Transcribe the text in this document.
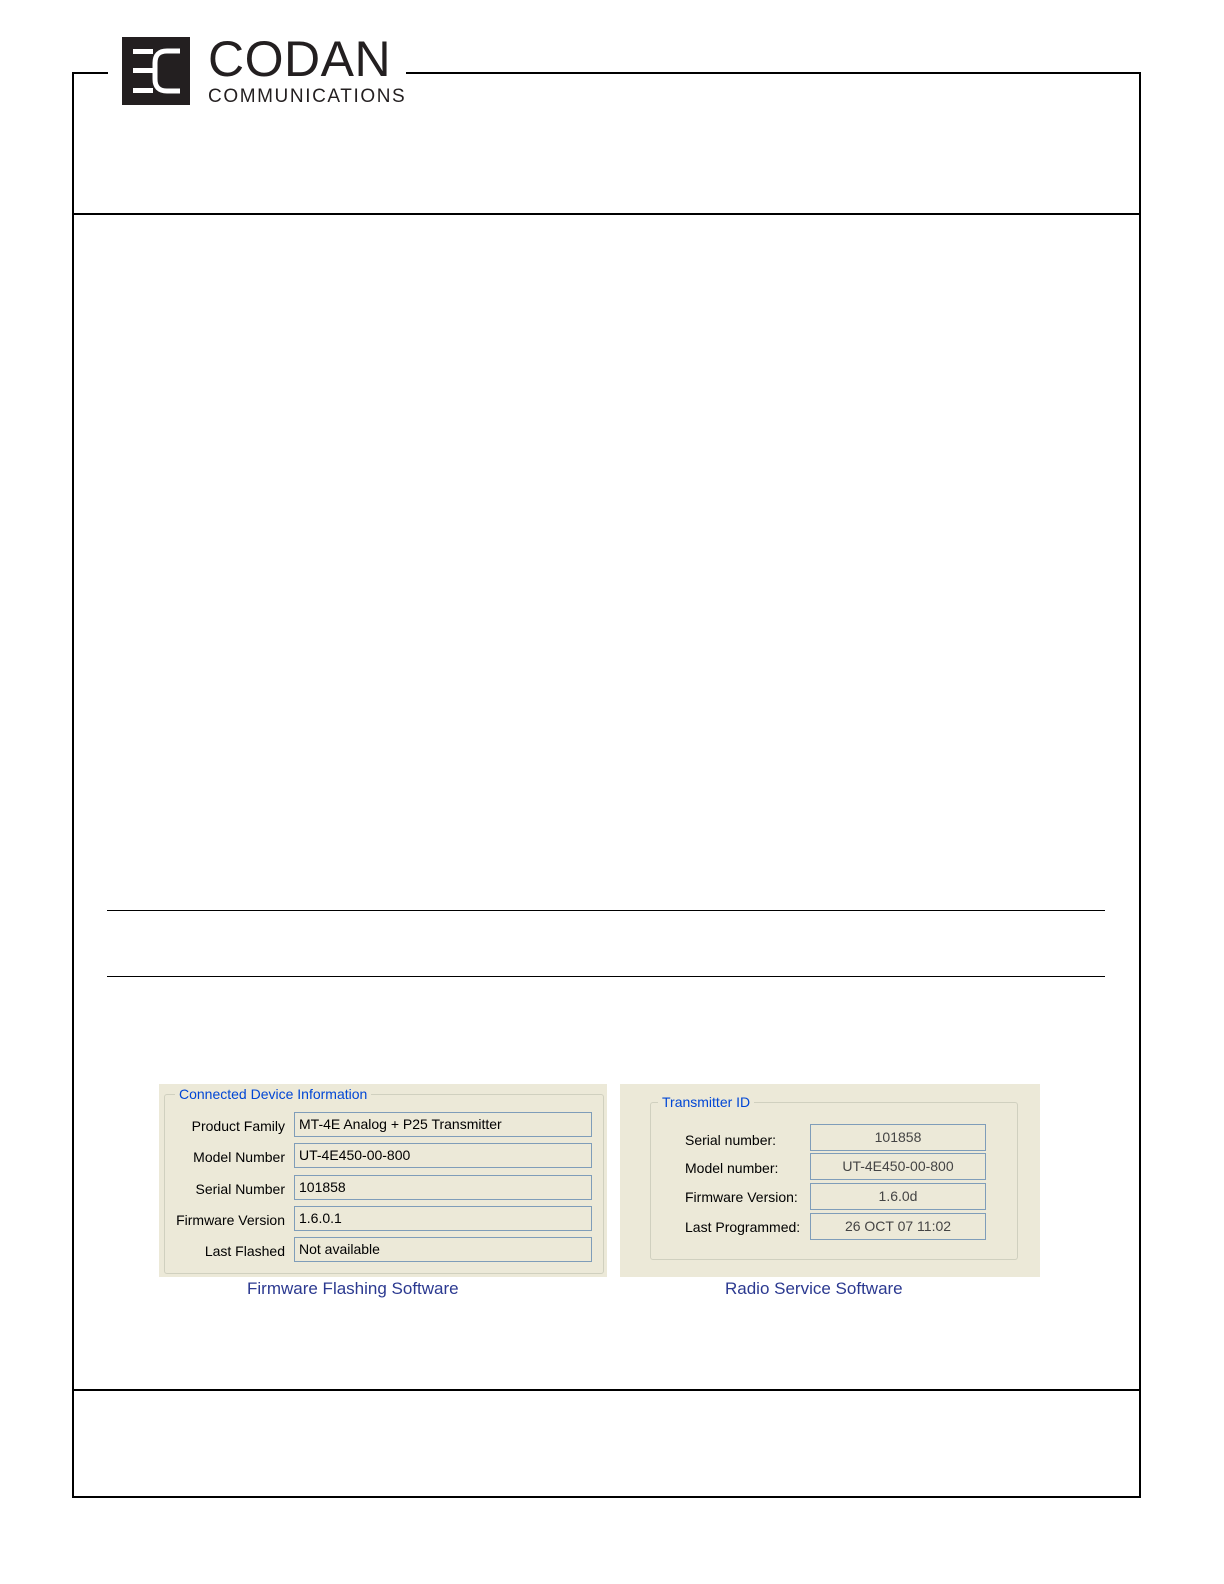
CODAN
COMMUNICATIONS
Connected Device Information
Product Family	MT-4E Analog + P25 Transmitter
Model Number	UT-4E450-00-800
Serial Number	101858
Firmware Version	1.6.0.1
Last Flashed	Not available
Transmitter ID
Serial number:	101858
Model number:	UT-4E450-00-800
Firmware Version:	1.6.0d
Last Programmed:	26 OCT 07 11:02
Firmware Flashing Software	Radio Service Software
